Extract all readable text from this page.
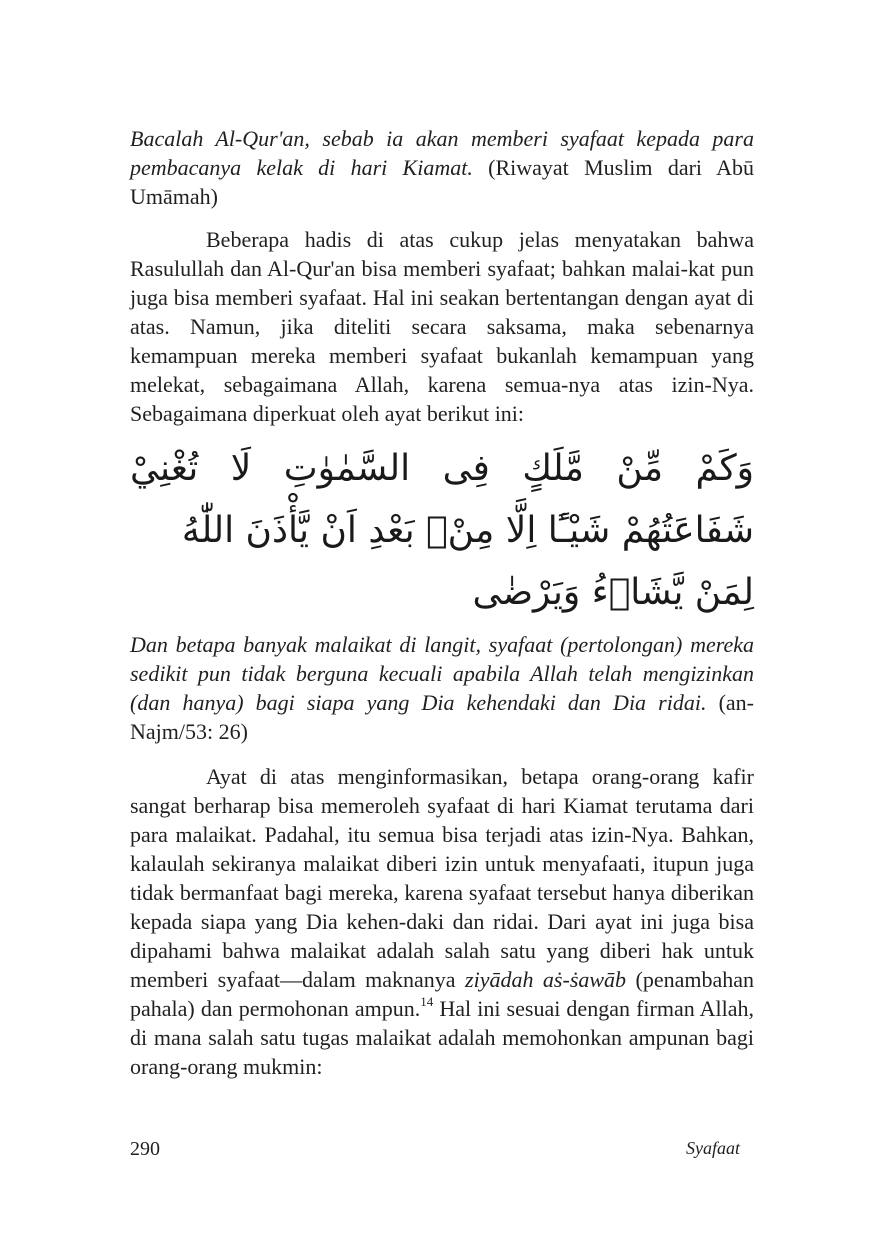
Bacalah Al-Qur'an, sebab ia akan memberi syafaat kepada para pembacanya kelak di hari Kiamat. (Riwayat Muslim dari Abū Umāmah)

Beberapa hadis di atas cukup jelas menyatakan bahwa Rasulullah dan Al-Qur'an bisa memberi syafaat; bahkan malai-kat pun juga bisa memberi syafaat. Hal ini seakan bertentangan dengan ayat di atas. Namun, jika diteliti secara saksama, maka sebenarnya kemampuan mereka memberi syafaat bukanlah kemampuan yang melekat, sebagaimana Allah, karena semua-nya atas izin-Nya. Sebagaimana diperkuat oleh ayat berikut ini:

وَكَمْ مِّنْ مَّلَكٍ فِى السَّمٰوٰتِ لَا تُغْنِيْ شَفَاعَتُهُمْ شَيْـًٔا اِلَّا مِنْۢ بَعْدِ اَنْ يَّأْذَنَ اللّٰهُ
لِمَنْ يَّشَاۤءُ وَيَرْضٰى

Dan betapa banyak malaikat di langit, syafaat (pertolongan) mereka sedikit pun tidak berguna kecuali apabila Allah telah mengizinkan (dan hanya) bagi siapa yang Dia kehendaki dan Dia ridai. (an-Najm/53: 26)

Ayat di atas menginformasikan, betapa orang-orang kafir sangat berharap bisa memeroleh syafaat di hari Kiamat terutama dari para malaikat. Padahal, itu semua bisa terjadi atas izin-Nya. Bahkan, kalaulah sekiranya malaikat diberi izin untuk menyafaati, itupun juga tidak bermanfaat bagi mereka, karena syafaat tersebut hanya diberikan kepada siapa yang Dia kehen-daki dan ridai. Dari ayat ini juga bisa dipahami bahwa malaikat adalah salah satu yang diberi hak untuk memberi syafaat—dalam maknanya ziyādah aṡ-ṡawāb (penambahan pahala) dan permohonan ampun.$^{14}$ Hal ini sesuai dengan firman Allah, di mana salah satu tugas malaikat adalah memohonkan ampunan bagi orang-orang mukmin:

290	Syafaat
